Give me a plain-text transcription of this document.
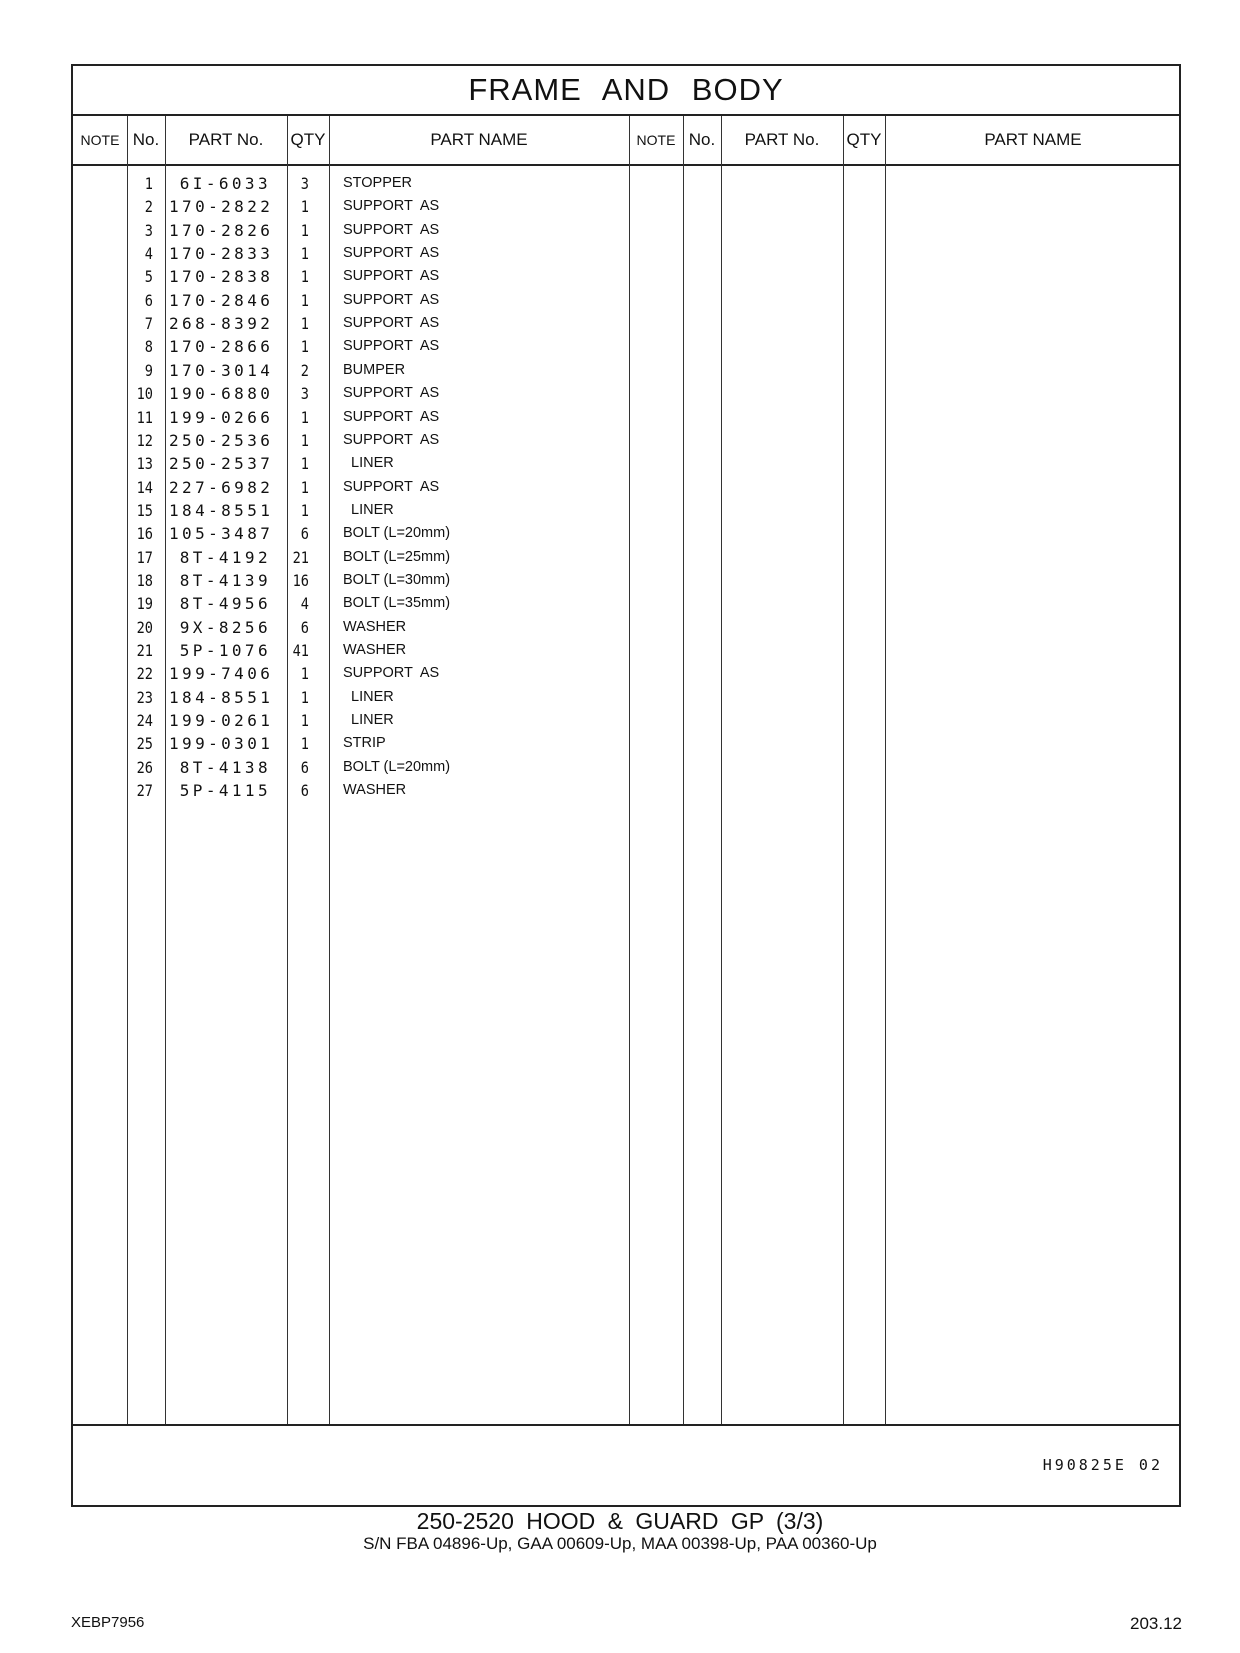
FRAME AND BODY
NOTE No.	PART No.	QTY	PART NAME	NOTE No.	PART No.	QTY	PART NAME
1	6I-6033	3 STOPPER
2 170-2822	1 SUPPORT  AS
3 170-2826	1 SUPPORT  AS
4 170-2833	1 SUPPORT  AS
5 170-2838	1 SUPPORT  AS
6 170-2846	1 SUPPORT  AS
7 268-8392	1 SUPPORT  AS
8 170-2866	1 SUPPORT  AS
9 170-3014	2 BUMPER
10 190-6880	3 SUPPORT  AS
11 199-0266	1 SUPPORT  AS
12 250-2536	1 SUPPORT  AS
13 250-2537	1 LINER
14 227-6982	1 SUPPORT  AS
15 184-8551	1 LINER
16 105-3487	6 BOLT (L=20mm)
17	8T-4192	21 BOLT (L=25mm)
18	8T-4139	16 BOLT (L=30mm)
19	8T-4956	4 BOLT (L=35mm)
20	9X-8256	6 WASHER
21	5P-1076	41 WASHER
22 199-7406	1 SUPPORT  AS
23 184-8551	1 LINER
24 199-0261	1 LINER
25 199-0301	1 STRIP
26	8T-4138	6 BOLT (L=20mm)
27	5P-4115	6 WASHER
H90825E 02
250-2520 HOOD & GUARD GP (3/3)
S/N FBA 04896-Up, GAA 00609-Up, MAA 00398-Up, PAA 00360-Up
XEBP7956	203.12
